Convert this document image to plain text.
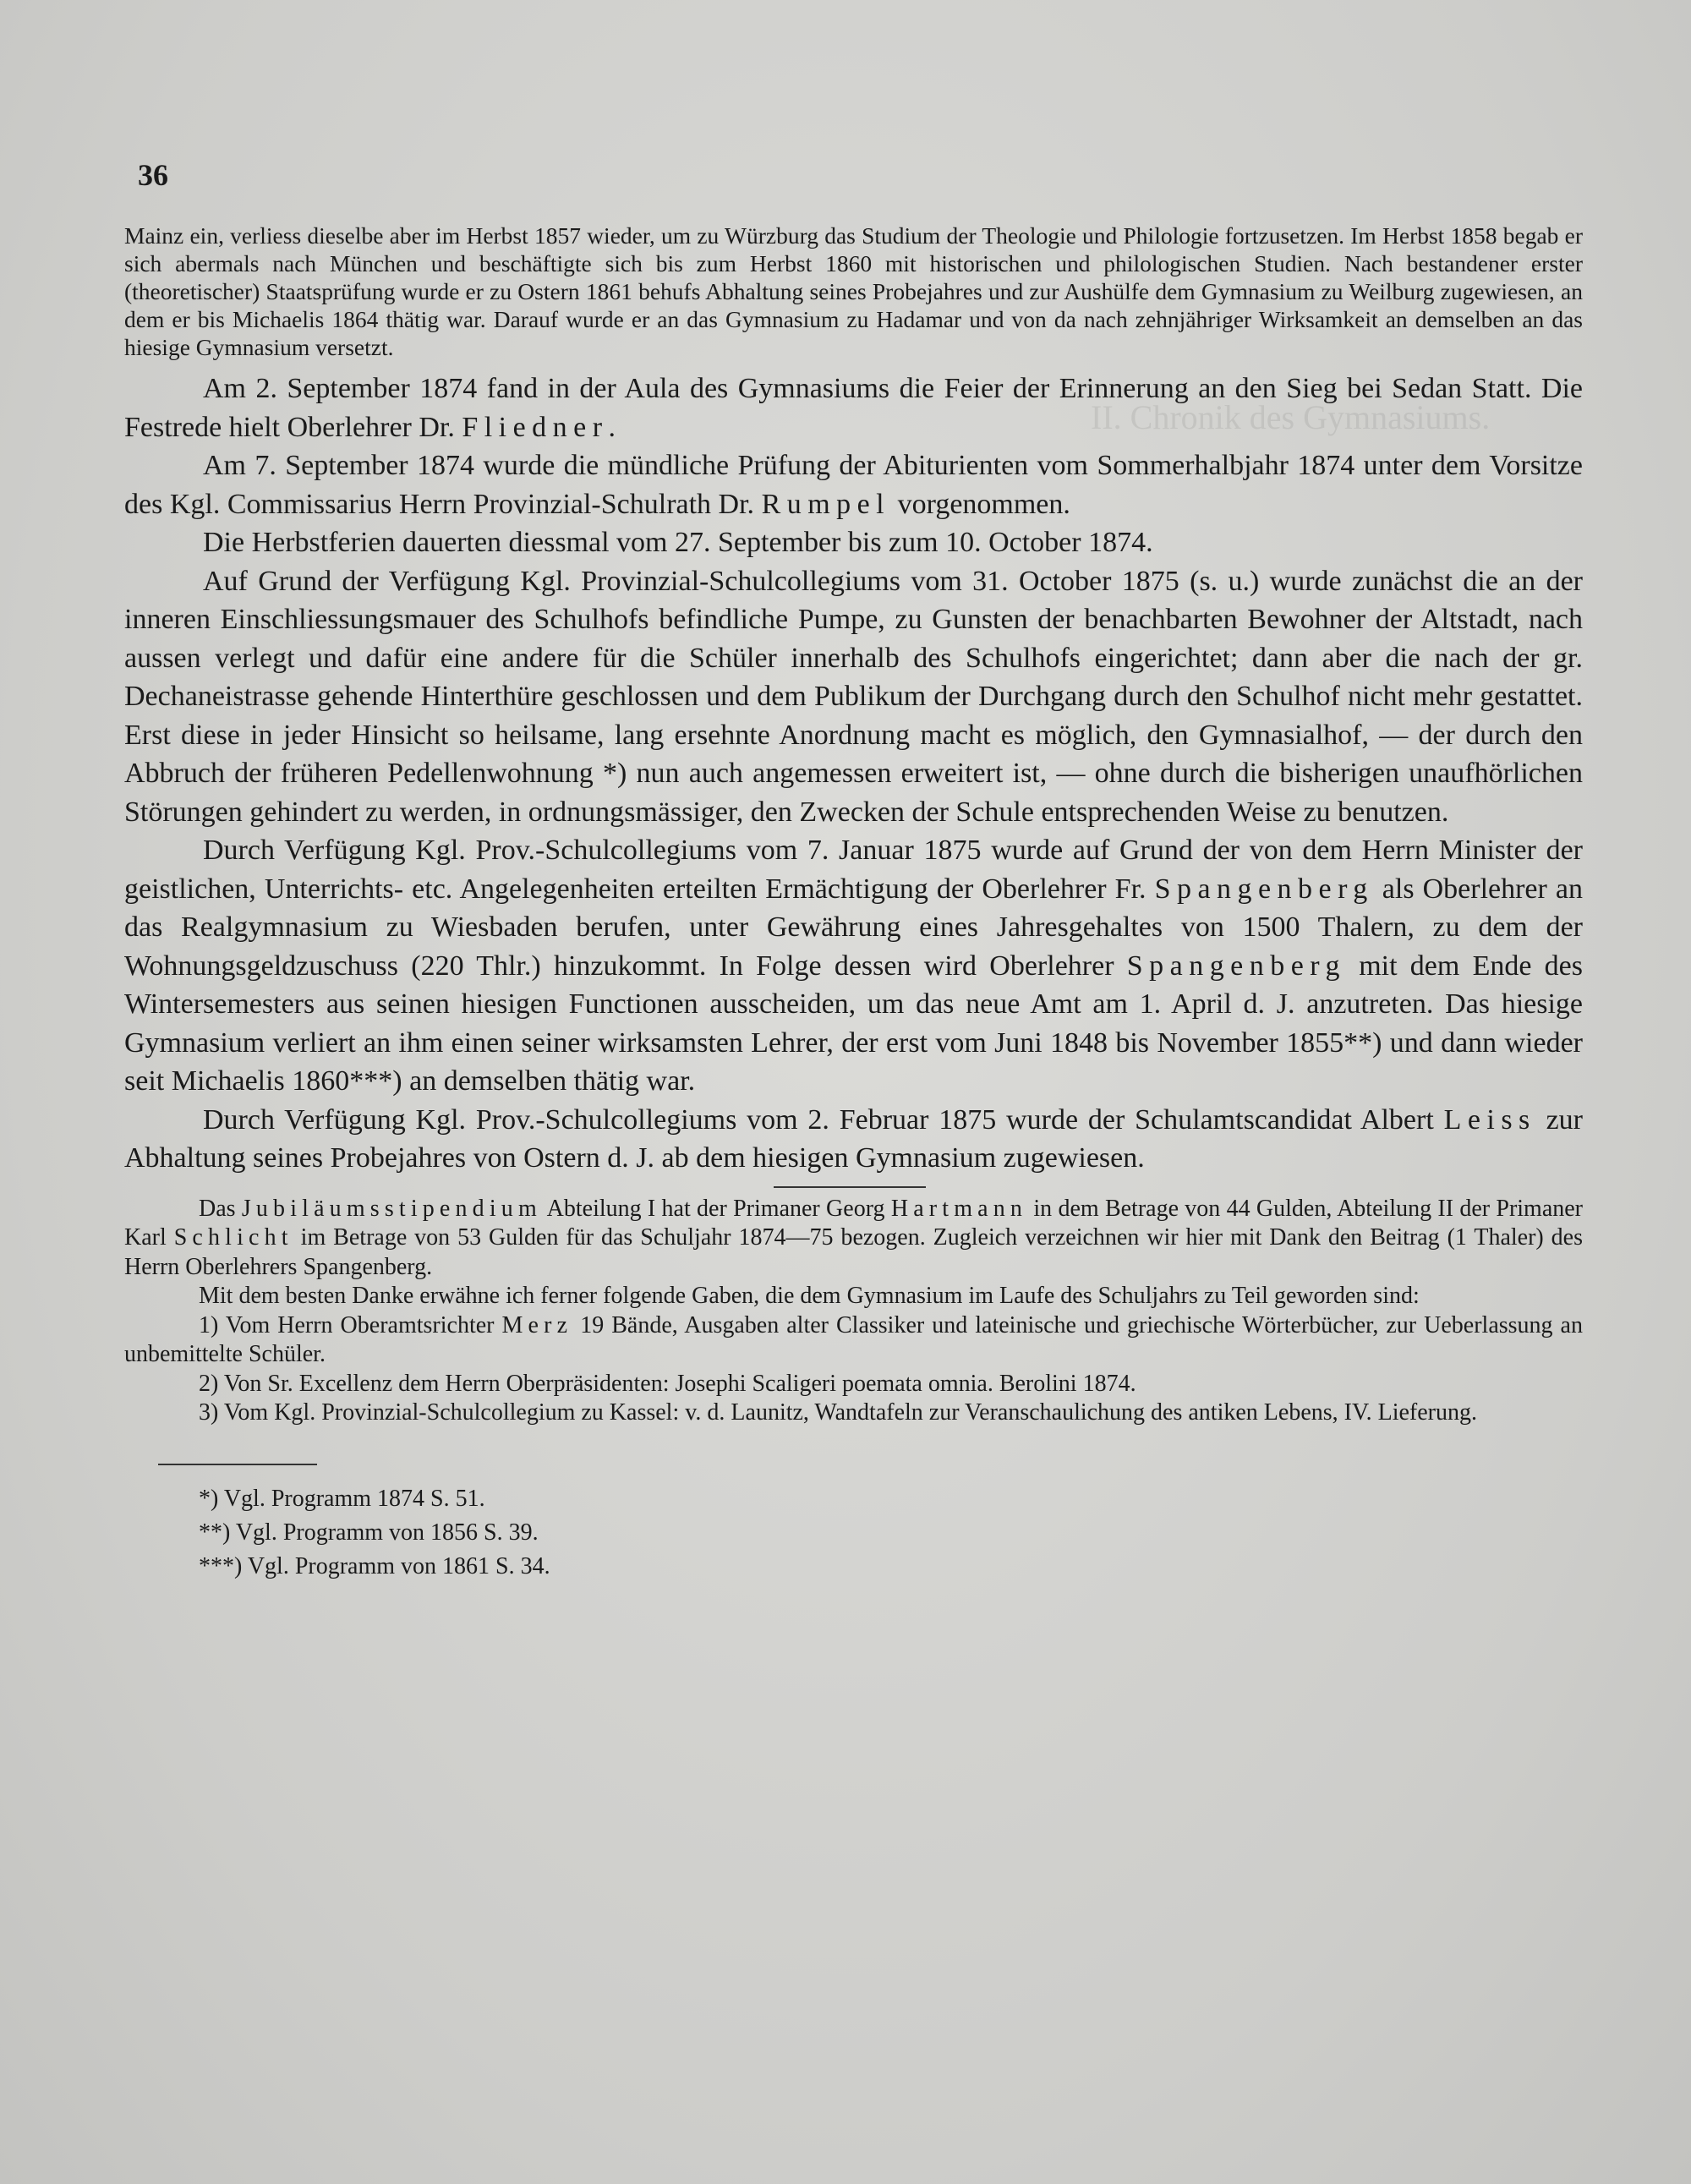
II. Chronik des Gymnasiums.
36

Mainz ein, verliess dieselbe aber im Herbst 1857 wieder, um zu Würzburg das Studium der Theologie und Philologie fortzusetzen. Im Herbst 1858 begab er sich abermals nach München und beschäftigte sich bis zum Herbst 1860 mit historischen und philologischen Studien. Nach bestandener erster (theoretischer) Staatsprüfung wurde er zu Ostern 1861 behufs Abhaltung seines Probejahres und zur Aushülfe dem Gymnasium zu Weilburg zugewiesen, an dem er bis Michaelis 1864 thätig war. Darauf wurde er an das Gymnasium zu Hadamar und von da nach zehnjähriger Wirksamkeit an demselben an das hiesige Gymnasium versetzt.

Am 2. September 1874 fand in der Aula des Gymnasiums die Feier der Erinnerung an den Sieg bei Sedan Statt. Die Festrede hielt Oberlehrer Dr. Fliedner.

Am 7. September 1874 wurde die mündliche Prüfung der Abiturienten vom Sommerhalbjahr 1874 unter dem Vorsitze des Kgl. Commissarius Herrn Provinzial-Schulrath Dr. Rumpel vorgenommen.

Die Herbstferien dauerten diessmal vom 27. September bis zum 10. October 1874.

Auf Grund der Verfügung Kgl. Provinzial-Schulcollegiums vom 31. October 1875 (s. u.) wurde zunächst die an der inneren Einschliessungsmauer des Schulhofs befindliche Pumpe, zu Gunsten der benachbarten Bewohner der Altstadt, nach aussen verlegt und dafür eine andere für die Schüler innerhalb des Schulhofs eingerichtet; dann aber die nach der gr. Dechaneistrasse gehende Hinterthüre geschlossen und dem Publikum der Durchgang durch den Schulhof nicht mehr gestattet. Erst diese in jeder Hinsicht so heilsame, lang ersehnte Anordnung macht es möglich, den Gymnasialhof, — der durch den Abbruch der früheren Pedellenwohnung *) nun auch angemessen erweitert ist, — ohne durch die bisherigen unaufhörlichen Störungen gehindert zu werden, in ordnungsmässiger, den Zwecken der Schule entsprechenden Weise zu benutzen.

Durch Verfügung Kgl. Prov.-Schulcollegiums vom 7. Januar 1875 wurde auf Grund der von dem Herrn Minister der geistlichen, Unterrichts- etc. Angelegenheiten erteilten Ermächtigung der Oberlehrer Fr. Spangenberg als Oberlehrer an das Realgymnasium zu Wiesbaden berufen, unter Gewährung eines Jahresgehaltes von 1500 Thalern, zu dem der Wohnungsgeldzuschuss (220 Thlr.) hinzukommt. In Folge dessen wird Oberlehrer Spangenberg mit dem Ende des Wintersemesters aus seinen hiesigen Functionen ausscheiden, um das neue Amt am 1. April d. J. anzutreten. Das hiesige Gymnasium verliert an ihm einen seiner wirksamsten Lehrer, der erst vom Juni 1848 bis November 1855**) und dann wieder seit Michaelis 1860***) an demselben thätig war.

Durch Verfügung Kgl. Prov.-Schulcollegiums vom 2. Februar 1875 wurde der Schulamtscandidat Albert Leiss zur Abhaltung seines Probejahres von Ostern d. J. ab dem hiesigen Gymnasium zugewiesen.

Das Jubiläumsstipendium Abteilung I hat der Primaner Georg Hartmann in dem Betrage von 44 Gulden, Abteilung II der Primaner Karl Schlicht im Betrage von 53 Gulden für das Schuljahr 1874—75 bezogen. Zugleich verzeichnen wir hier mit Dank den Beitrag (1 Thaler) des Herrn Oberlehrers Spangenberg.

Mit dem besten Danke erwähne ich ferner folgende Gaben, die dem Gymnasium im Laufe des Schuljahrs zu Teil geworden sind:

1) Vom Herrn Oberamtsrichter Merz 19 Bände, Ausgaben alter Classiker und lateinische und griechische Wörterbücher, zur Ueberlassung an unbemittelte Schüler.

2) Von Sr. Excellenz dem Herrn Oberpräsidenten: Josephi Scaligeri poemata omnia. Berolini 1874.

3) Vom Kgl. Provinzial-Schulcollegium zu Kassel: v. d. Launitz, Wandtafeln zur Veranschaulichung des antiken Lebens, IV. Lieferung.

*) Vgl. Programm 1874 S. 51.

**) Vgl. Programm von 1856 S. 39.

***) Vgl. Programm von 1861 S. 34.
